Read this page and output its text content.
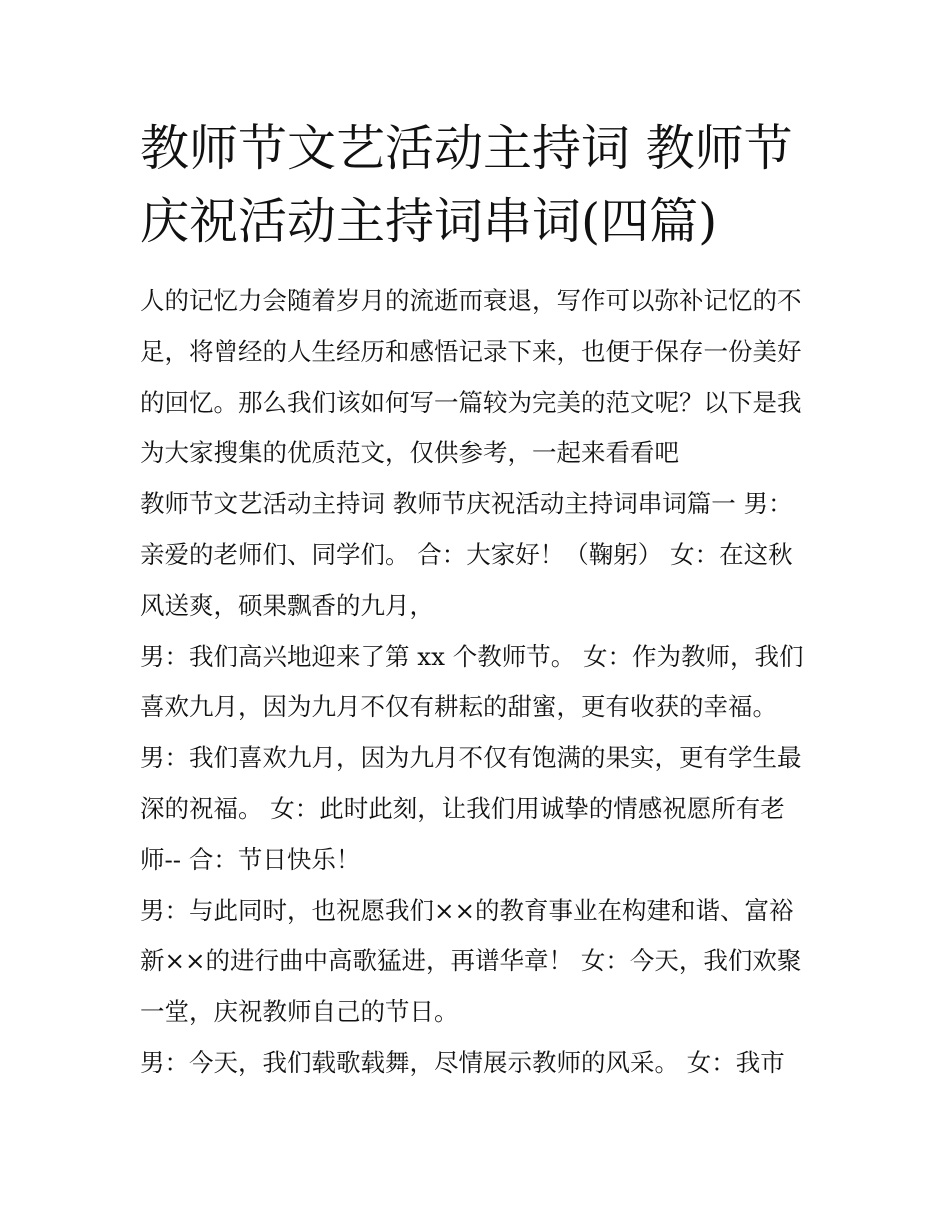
教师节文艺活动主持词 教师节
庆祝活动主持词串词(四篇)

人的记忆力会随着岁月的流逝而衰退，写作可以弥补记忆的不
足，将曾经的人生经历和感悟记录下来，也便于保存一份美好
的回忆。那么我们该如何写一篇较为完美的范文呢？以下是我
为大家搜集的优质范文，仅供参考，一起来看看吧

教师节文艺活动主持词 教师节庆祝活动主持词串词篇一 男：
亲爱的老师们、同学们。 合：大家好！（鞠躬） 女：在这秋
风送爽，硕果飘香的九月，

男：我们高兴地迎来了第 xx 个教师节。 女：作为教师，我们
喜欢九月，因为九月不仅有耕耘的甜蜜，更有收获的幸福。

男：我们喜欢九月，因为九月不仅有饱满的果实，更有学生最
深的祝福。 女：此时此刻，让我们用诚挚的情感祝愿所有老
师-- 合：节日快乐！

男：与此同时，也祝愿我们××的教育事业在构建和谐、富裕
新××的进行曲中高歌猛进，再谱华章！ 女：今天，我们欢聚
一堂，庆祝教师自己的节日。

男：今天，我们载歌载舞，尽情展示教师的风采。 女：我市
